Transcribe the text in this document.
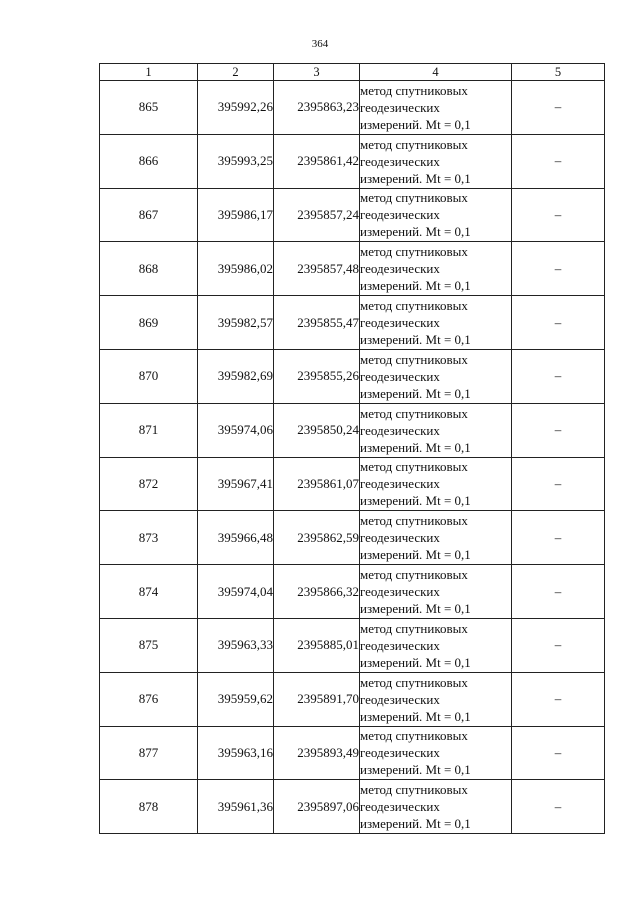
364
1	2	3	4	5
865	395992,26	2395863,23	метод спутниковых
геодезических
измерений. Mt = 0,1	–
866	395993,25	2395861,42	метод спутниковых
геодезических
измерений. Mt = 0,1	–
867	395986,17	2395857,24	метод спутниковых
геодезических
измерений. Mt = 0,1	–
868	395986,02	2395857,48	метод спутниковых
геодезических
измерений. Mt = 0,1	–
869	395982,57	2395855,47	метод спутниковых
геодезических
измерений. Mt = 0,1	–
870	395982,69	2395855,26	метод спутниковых
геодезических
измерений. Mt = 0,1	–
871	395974,06	2395850,24	метод спутниковых
геодезических
измерений. Mt = 0,1	–
872	395967,41	2395861,07	метод спутниковых
геодезических
измерений. Mt = 0,1	–
873	395966,48	2395862,59	метод спутниковых
геодезических
измерений. Mt = 0,1	–
874	395974,04	2395866,32	метод спутниковых
геодезических
измерений. Mt = 0,1	–
875	395963,33	2395885,01	метод спутниковых
геодезических
измерений. Mt = 0,1	–
876	395959,62	2395891,70	метод спутниковых
геодезических
измерений. Mt = 0,1	–
877	395963,16	2395893,49	метод спутниковых
геодезических
измерений. Mt = 0,1	–
878	395961,36	2395897,06	метод спутниковых
геодезических
измерений. Mt = 0,1	–
